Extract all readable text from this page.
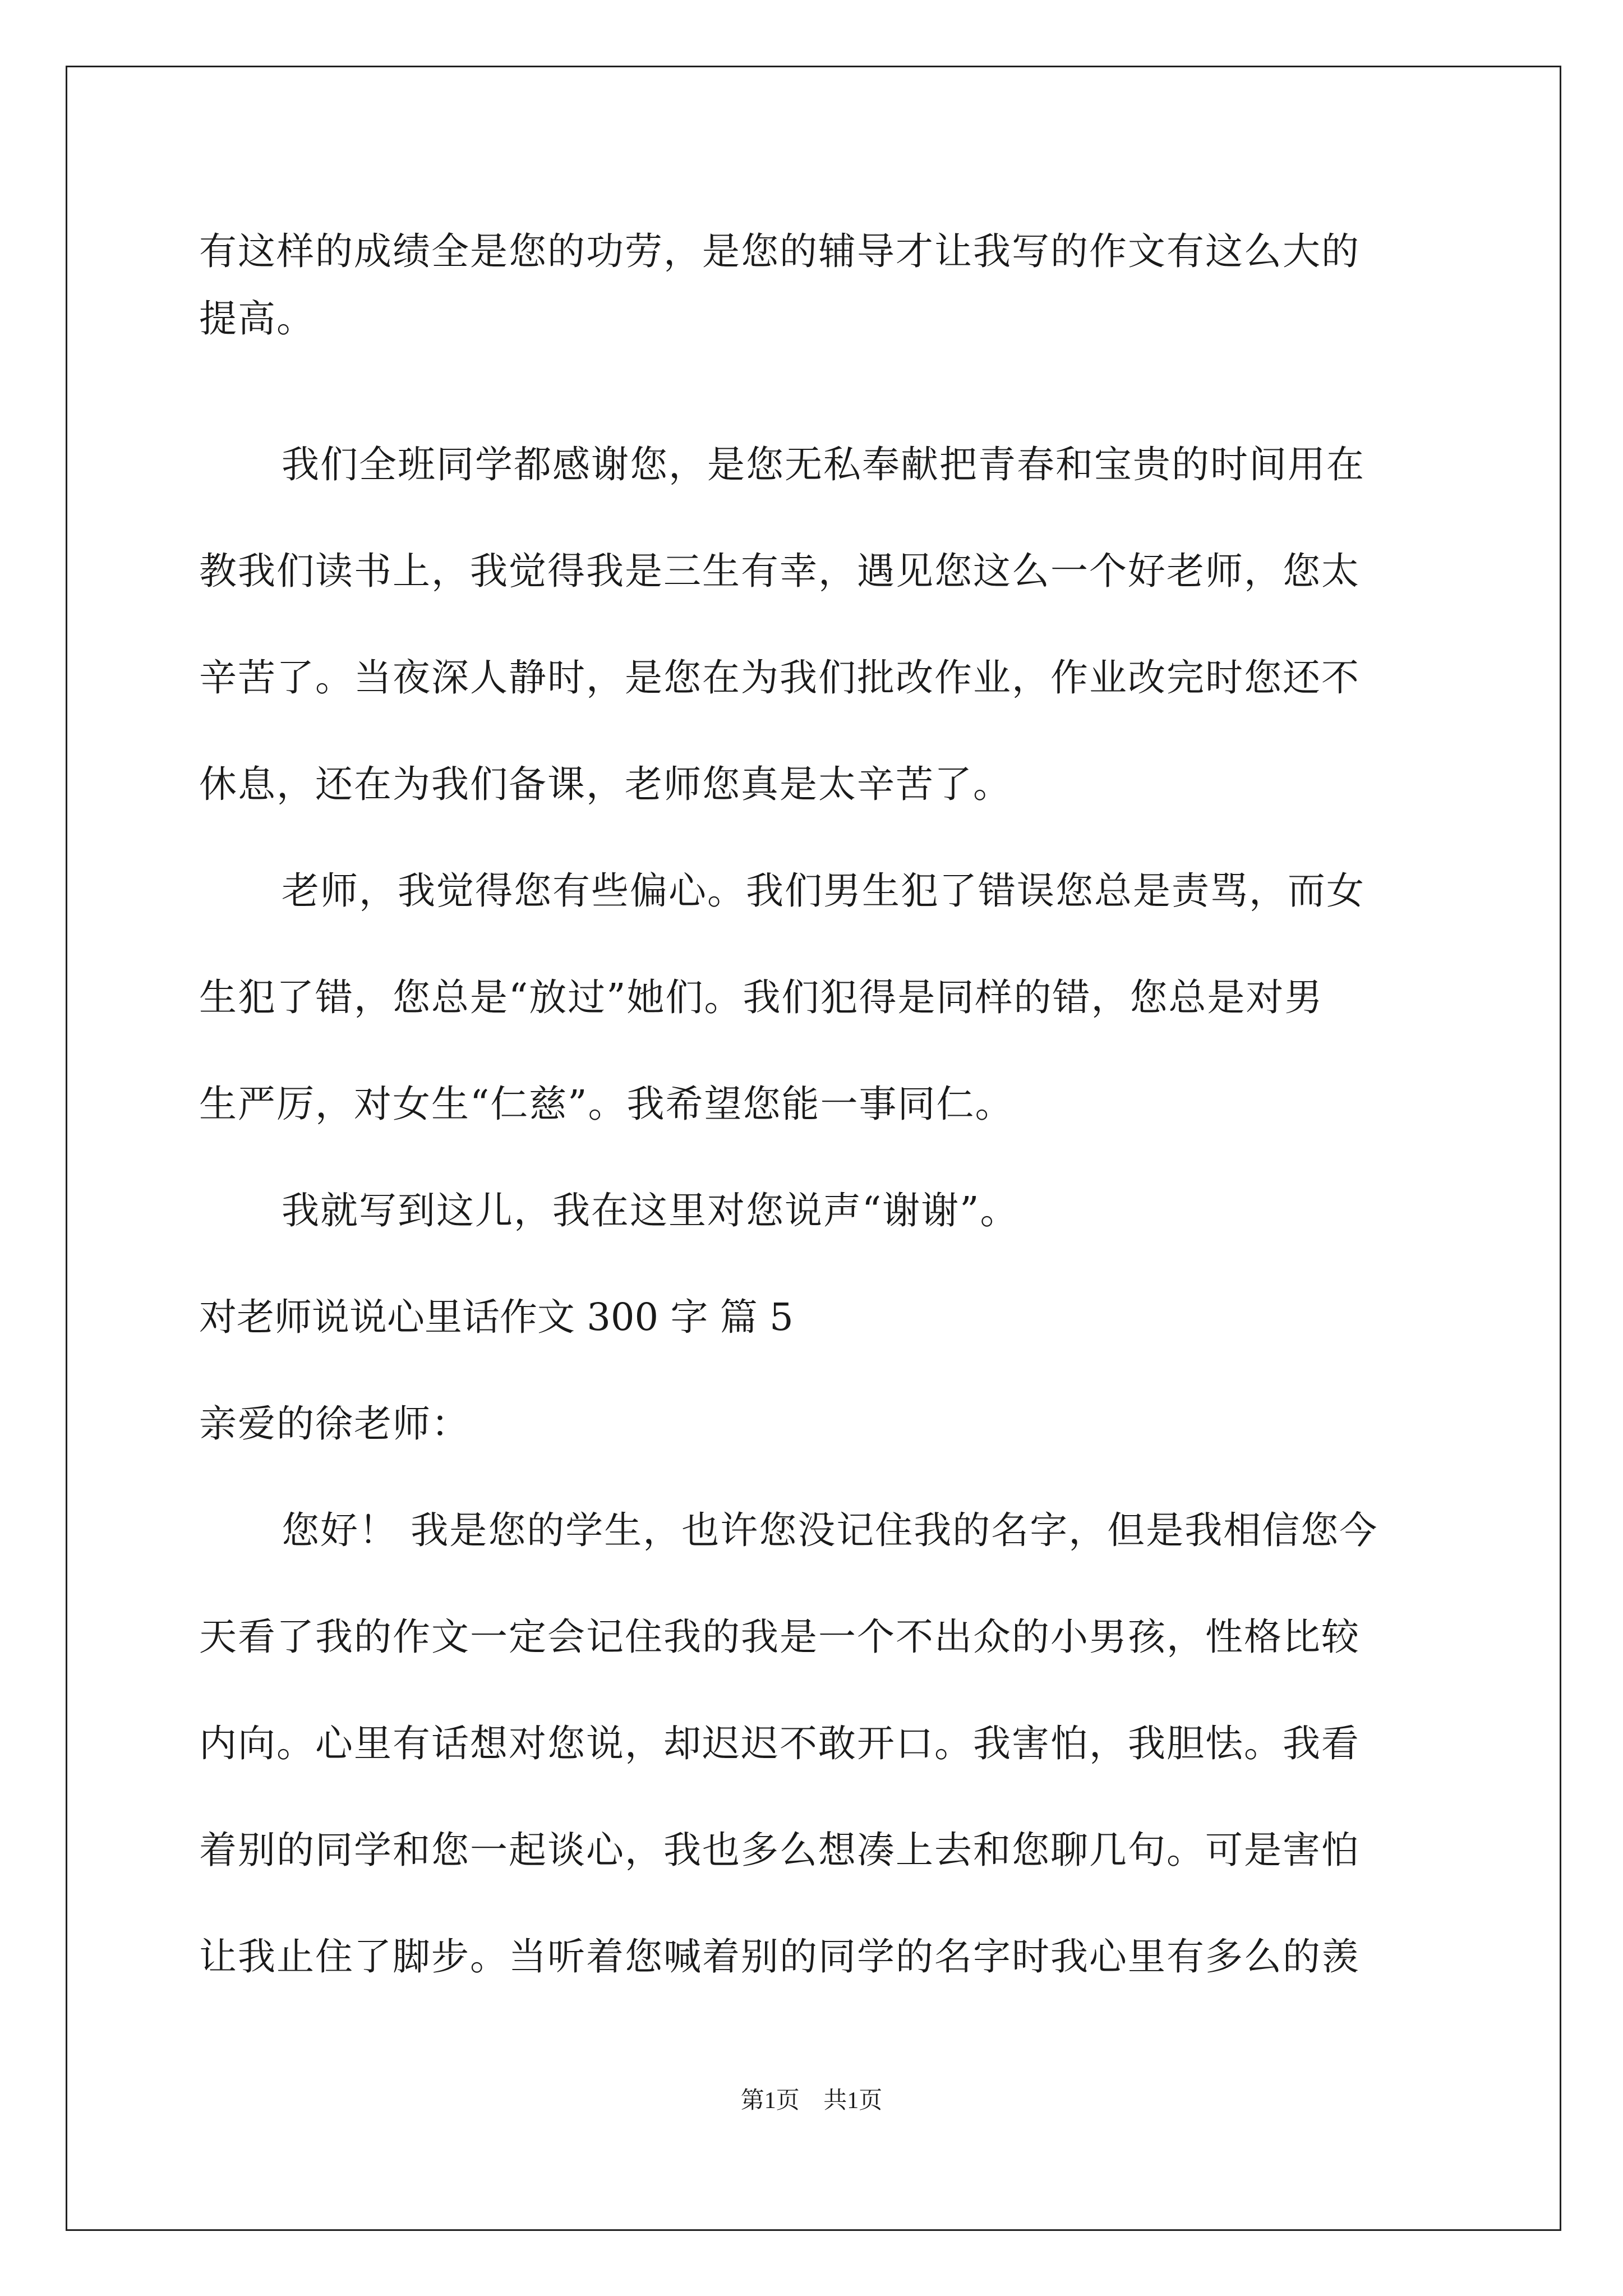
有这样的成绩全是您的功劳，是您的辅导才让我写的作文有这么大的

提高。

我们全班同学都感谢您，是您无私奉献把青春和宝贵的时间用在

教我们读书上，我觉得我是三生有幸，遇见您这么一个好老师，您太

辛苦了。当夜深人静时，是您在为我们批改作业，作业改完时您还不

休息，还在为我们备课，老师您真是太辛苦了。

老师，我觉得您有些偏心。我们男生犯了错误您总是责骂，而女

生犯了错，您总是“放过”她们。我们犯得是同样的错，您总是对男

生严厉，对女生“仁慈”。我希望您能一事同仁。

我就写到这儿，我在这里对您说声“谢谢”。

对老师说说心里话作文 300 字 篇 5

亲爱的徐老师：

您好！ 我是您的学生，也许您没记住我的名字，但是我相信您今

天看了我的作文一定会记住我的我是一个不出众的小男孩，性格比较

内向。心里有话想对您说，却迟迟不敢开口。我害怕，我胆怯。我看

着别的同学和您一起谈心，我也多么想凑上去和您聊几句。可是害怕

让我止住了脚步。当听着您喊着别的同学的名字时我心里有多么的羡

第1页 共1页
